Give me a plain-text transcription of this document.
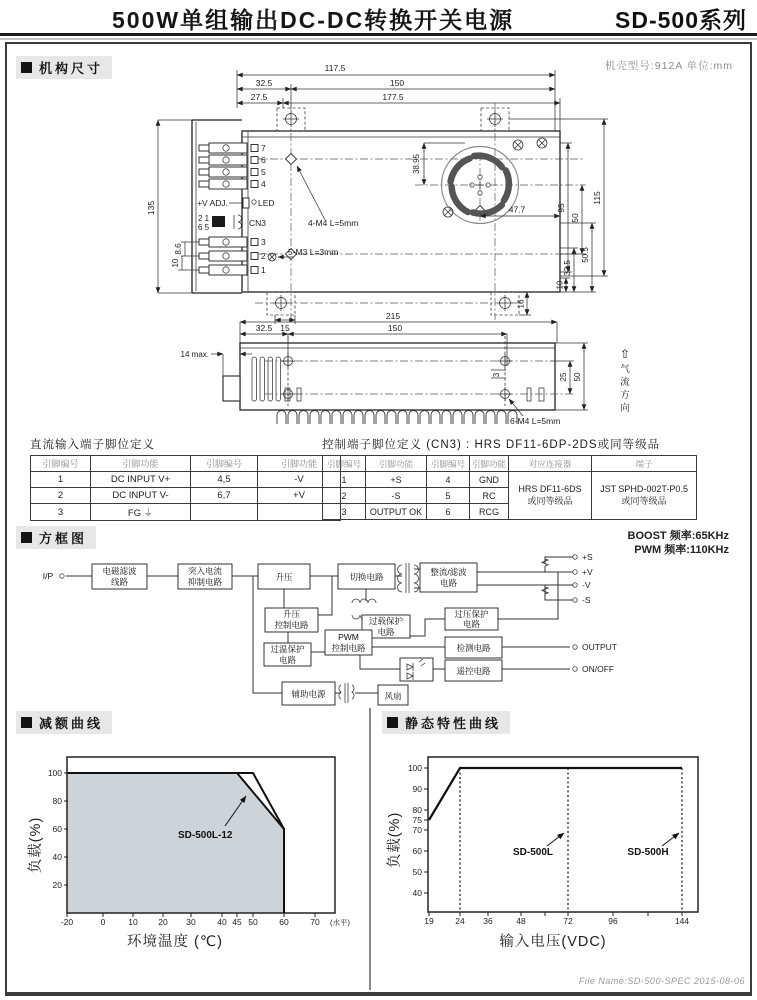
500W单组输出DC-DC转换开关电源	SD-500系列
机构尺寸	机壳型号:912A 单位:mm
117.5
32.5	150
27.5	177.5
135	47.7
38.95
95
50
115
32.5
50.5
10
16
15
7
6
5
4
3
2
1
8.6
10
+V ADJ.	LED
2 1
6 5	CN3	4-M4 L=5mm
5-M3 L=3mm
215
32.5	150
14 max.
25 50
3
6-M4 L=5mm
⇧
气
流
方
向
直流输入端子脚位定义
引脚编号	引脚功能	引脚编号	引脚功能
1	DC INPUT V+	4,5	-V
2	DC INPUT V-	6,7	+V
3	FG ⏚		
控制端子脚位定义 (CN3) : HRS DF11-6DP-2DS或同等级品
引脚编号	引脚功能	引脚编号	引脚功能	对应连接器	端子
1	+S	4	GND	
HRS DF11-6DS
或同等级品

JST SPHD-002T-P0.5
或同等级品

2	-S	5	RC		
3	OUTPUT OK	6	RCG		
方框图	BOOST 频率:65KHz
PWM 频率:110KHz
I/P	电磁滤波
线路
突入电流
抑制电路	升压	切换电路	整流/滤波
电路
升压
控制电路
过温保护
电路
过载保护
电路
PWM
控制电路
过压保护
电路
检测电路
遥控电路
辅助电源	风扇
+S
+V
-V
-S
OUTPUT
ON/OFF
减额曲线	静态特性曲线
-20	0	10 20 30	40 45 50	60	70 (水平)
100
80
60
40
20
SD-500L-12
环境温度 (℃)
负载(%)
19	24 36	48	72	96	144
100
90
80
75
70
60
50
40
SD-500L	SD-500H
输入电压(VDC)
负载(%)
File Name:SD-500-SPEC 2015-08-06
